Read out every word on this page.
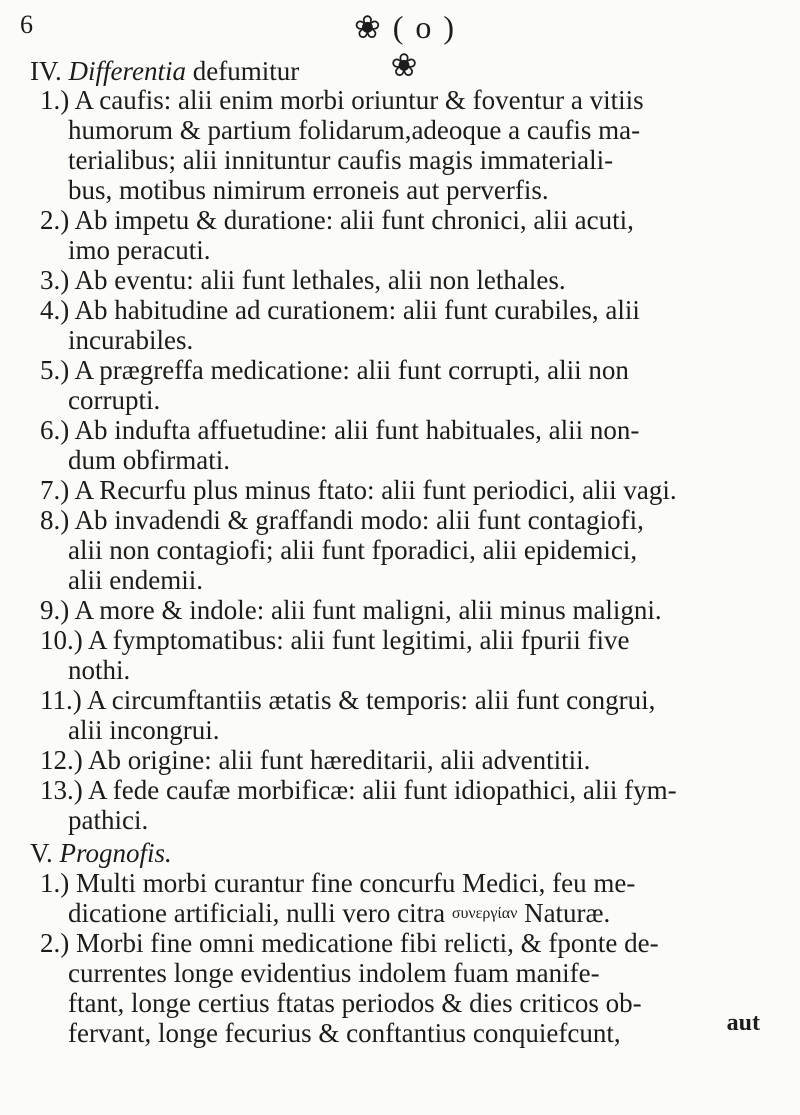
6	❀ ( o ) ❀
IV. Differentia defumitur
1.) A caufis: alii enim morbi oriuntur & foventur a vitiis
humorum & partium folidarum,adeoque a caufis ma-
terialibus; alii innituntur caufis magis immateriali-
bus, motibus nimirum erroneis aut perverfis.
2.) Ab impetu & duratione: alii funt chronici, alii acuti,
imo peracuti.
3.) Ab eventu: alii funt lethales, alii non lethales.
4.) Ab habitudine ad curationem: alii funt curabiles, alii
incurabiles.
5.) A prægreffa medicatione: alii funt corrupti, alii non
corrupti.
6.) Ab indufta affuetudine: alii funt habituales, alii non-
dum obfirmati.
7.) A Recurfu plus minus ftato: alii funt periodici, alii vagi.
8.) Ab invadendi & graffandi modo: alii funt contagiofi,
alii non contagiofi; alii funt fporadici, alii epidemici,
alii endemii.
9.) A more & indole: alii funt maligni, alii minus maligni.
10.) A fymptomatibus: alii funt legitimi, alii fpurii five
nothi.
11.) A circumftantiis ætatis & temporis: alii funt congrui,
alii incongrui.
12.) Ab origine: alii funt hæreditarii, alii adventitii.
13.) A fede caufæ morbificæ: alii funt idiopathici, alii fym-
pathici.
V. Prognofis.
1.) Multi morbi curantur fine concurfu Medici, feu me-
dicatione artificiali, nulli vero citra συνεργίαν Naturæ.
2.) Morbi fine omni medicatione fibi relicti, & fponte de-
currentes longe evidentius indolem fuam manife-
ftant, longe certius ftatas periodos & dies criticos ob-
fervant, longe fecurius & conftantius conquiefcunt,	aut
